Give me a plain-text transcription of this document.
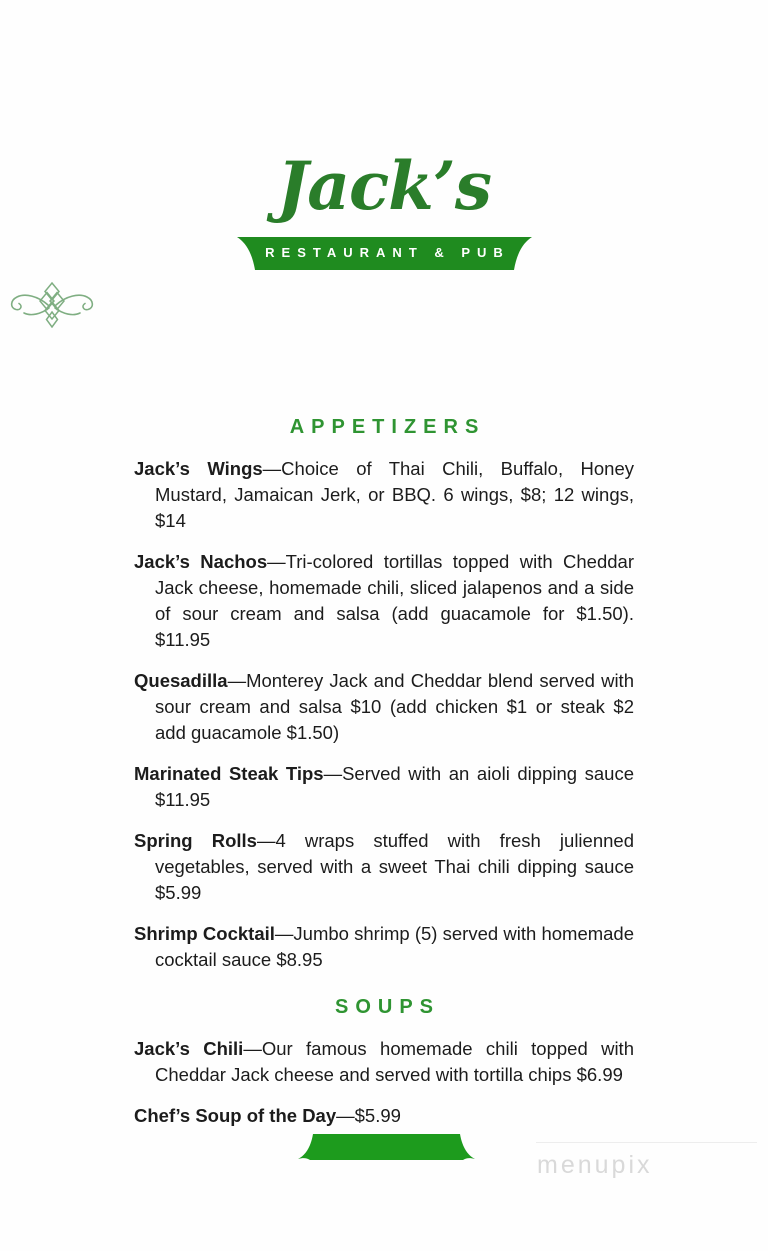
Jack’s
RESTAURANT & PUB
APPETIZERS

Jack’s Wings—Choice of Thai Chili, Buffalo, Honey Mustard, Jamaican Jerk, or BBQ. 6 wings, $8; 12 wings, $14

Jack’s Nachos—Tri-colored tortillas topped with Cheddar Jack cheese, homemade chili, sliced jalapenos and a side of sour cream and salsa (add guacamole for $1.50). $11.95

Quesadilla—Monterey Jack and Cheddar blend served with sour cream and salsa $10 (add chicken $1 or steak $2 add guacamole $1.50)

Marinated Steak Tips—Served with an aioli dipping sauce $11.95

Spring Rolls—4 wraps stuffed with fresh julienned vegetables, served with a sweet Thai chili dipping sauce $5.99

Shrimp Cocktail—Jumbo shrimp (5) served with homemade cocktail sauce $8.95

SOUPS

Jack’s Chili—Our famous homemade chili topped with Cheddar Jack cheese and served with tortilla chips $6.99

Chef’s Soup of the Day—$5.99

menupix
